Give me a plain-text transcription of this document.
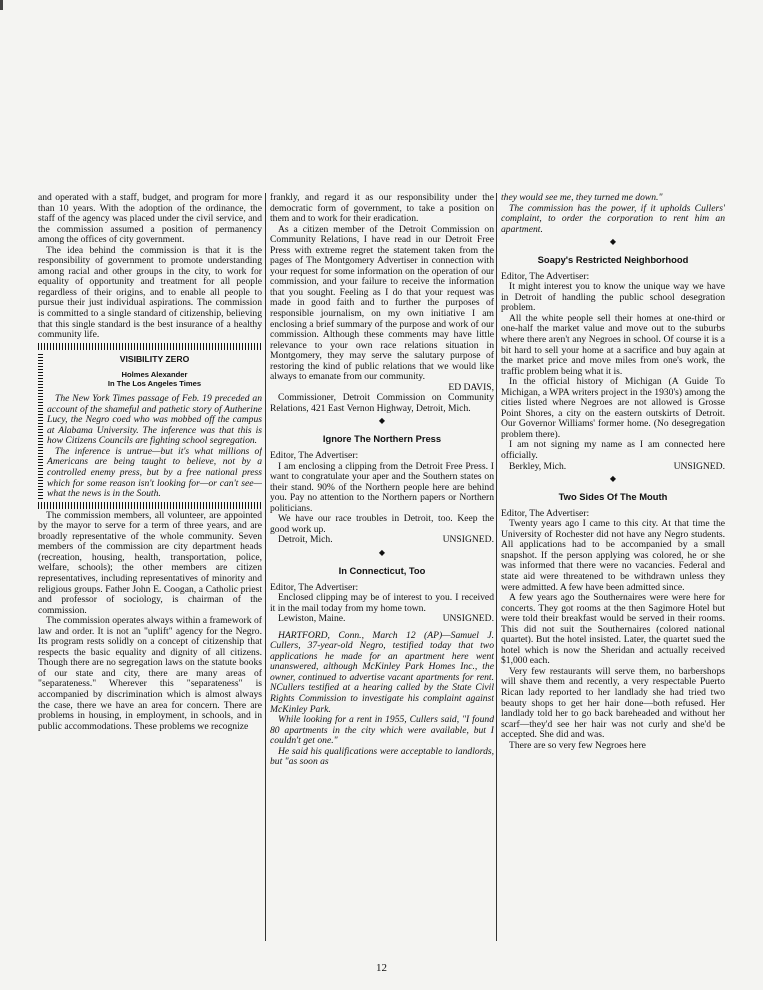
and operated with a staff, budget, and program for more than 10 years. With the adoption of the ordinance, the staff of the agency was placed under the civil service, and the commission assumed a position of permanency among the offices of city government.

The idea behind the commission is that it is the responsibility of government to promote understanding among racial and other groups in the city, to work for equality of opportunity and treatment for all people regardless of their origins, and to enable all people to pursue their just individual aspirations. The commission is committed to a single standard of citizenship, believing that this single standard is the best insurance of a healthy community life.

VISIBILITY ZERO
Holmes Alexander
In The Los Angeles Times

The New York Times passage of Feb. 19 preceded an account of the shameful and pathetic story of Autherine Lucy, the Negro coed who was mobbed off the campus at Alabama University. The inference was that this is how Citizens Councils are fighting school segregation.

The inference is untrue—but it's what millions of Americans are being taught to believe, not by a controlled enemy press, but by a free national press which for some reason isn't looking for—or can't see—what the news is in the South.

The commission members, all volunteer, are appointed by the mayor to serve for a term of three years, and are broadly representative of the whole community. Seven members of the commission are city department heads (recreation, housing, health, transportation, police, welfare, schools); the other members are citizen representatives, including representatives of minority and religious groups. Father John E. Coogan, a Catholic priest and professor of sociology, is chairman of the commission.

The commission operates always within a framework of law and order. It is not an "uplift" agency for the Negro. Its program rests solidly on a concept of citizenship that respects the basic equality and dignity of all citizens. Though there are no segregation laws on the statute books of our state and city, there are many areas of "separateness." Wherever this "separateness" is accompanied by discrimination which is almost always the case, there we have an area for concern. There are problems in housing, in employment, in schools, and in public accommodations. These problems we recognize

frankly, and regard it as our responsibility under the democratic form of government, to take a position on them and to work for their eradication.

As a citizen member of the Detroit Commission on Community Relations, I have read in our Detroit Free Press with extreme regret the statement taken from the pages of The Montgomery Advertiser in connection with your request for some information on the operation of our commission, and your failure to receive the information that you sought. Feeling as I do that your request was made in good faith and to further the purposes of responsible journalism, on my own initiative I am enclosing a brief summary of the purpose and work of our commission. Although these comments may have little relevance to your own race relations situation in Montgomery, they may serve the salutary purpose of restoring the kind of public relations that we would like always to emanate from our community.

ED DAVIS,

Commissioner, Detroit Commission on Community Relations, 421 East Vernon Highway, Detroit, Mich.

◆
Ignore The Northern Press

Editor, The Advertiser:

I am enclosing a clipping from the Detroit Free Press. I want to congratulate your aper and the Southern states on their stand. 90% of the Northern people here are behind you. Pay no attention to the Northern papers or Northern politicians.

We have our race troubles in Detroit, too. Keep the good work up.

Detroit, Mich.	UNSIGNED.

◆
In Connecticut, Too

Editor, The Advertiser:

Enclosed clipping may be of interest to you. I received it in the mail today from my home town.

Lewiston, Maine.	UNSIGNED.

HARTFORD, Conn., March 12 (AP)—Samuel J. Cullers, 37-year-old Negro, testified today that two applications he made for an apartment here went unanswered, although McKinley Park Homes Inc., the owner, continued to advertise vacant apartments for rent. NCullers testified at a hearing called by the State Civil Rights Commission to investigate his complaint against McKinley Park.

While looking for a rent in 1955, Cullers said, "I found 80 apartments in the city which were available, but I couldn't get one."

He said his qualifications were acceptable to landlords, but "as soon as

they would see me, they turned me down."

The commission has the power, if it upholds Cullers' complaint, to order the corporation to rent him an apartment.

◆
Soapy's Restricted Neighborhood

Editor, The Advertiser:

It might interest you to know the unique way we have in Detroit of handling the public school desegration problem.

All the white people sell their homes at one-third or one-half the market value and move out to the suburbs where there aren't any Negroes in school. Of course it is a bit hard to sell your home at a sacrifice and buy again at the market price and move miles from one's work, the traffic problem being what it is.

In the official history of Michigan (A Guide To Michigan, a WPA writers project in the 1930's) among the cities listed where Negroes are not allowed is Grosse Point Shores, a city on the eastern outskirts of Detroit. Our Governor Williams' former home. (No desegregation problem there).

I am not signing my name as I am connected here officially.

Berkley, Mich.	UNSIGNED.

◆
Two Sides Of The Mouth

Editor, The Advertiser:

Twenty years ago I came to this city. At that time the University of Rochester did not have any Negro students. All applications had to be accompanied by a small snapshot. If the person applying was colored, he or she was informed that there were no vacancies. Federal and state aid were threatened to be withdrawn unless they were admitted. A few have been admitted since.

A few years ago the Southernaires were were here for concerts. They got rooms at the then Sagimore Hotel but were told their breakfast would be served in their rooms. This did not suit the Southernaires (colored national quartet). But the hotel insisted. Later, the quartet sued the hotel which is now the Sheridan and actually received $1,000 each.

Very few restaurants will serve them, no barbershops will shave them and recently, a very respectable Puerto Rican lady reported to her landlady she had tried two beauty shops to get her hair done—both refused. Her landlady told her to go back bareheaded and without her scarf—they'd see her hair was not curly and she'd be accepted. She did and was.

There are so very few Negroes here

12
